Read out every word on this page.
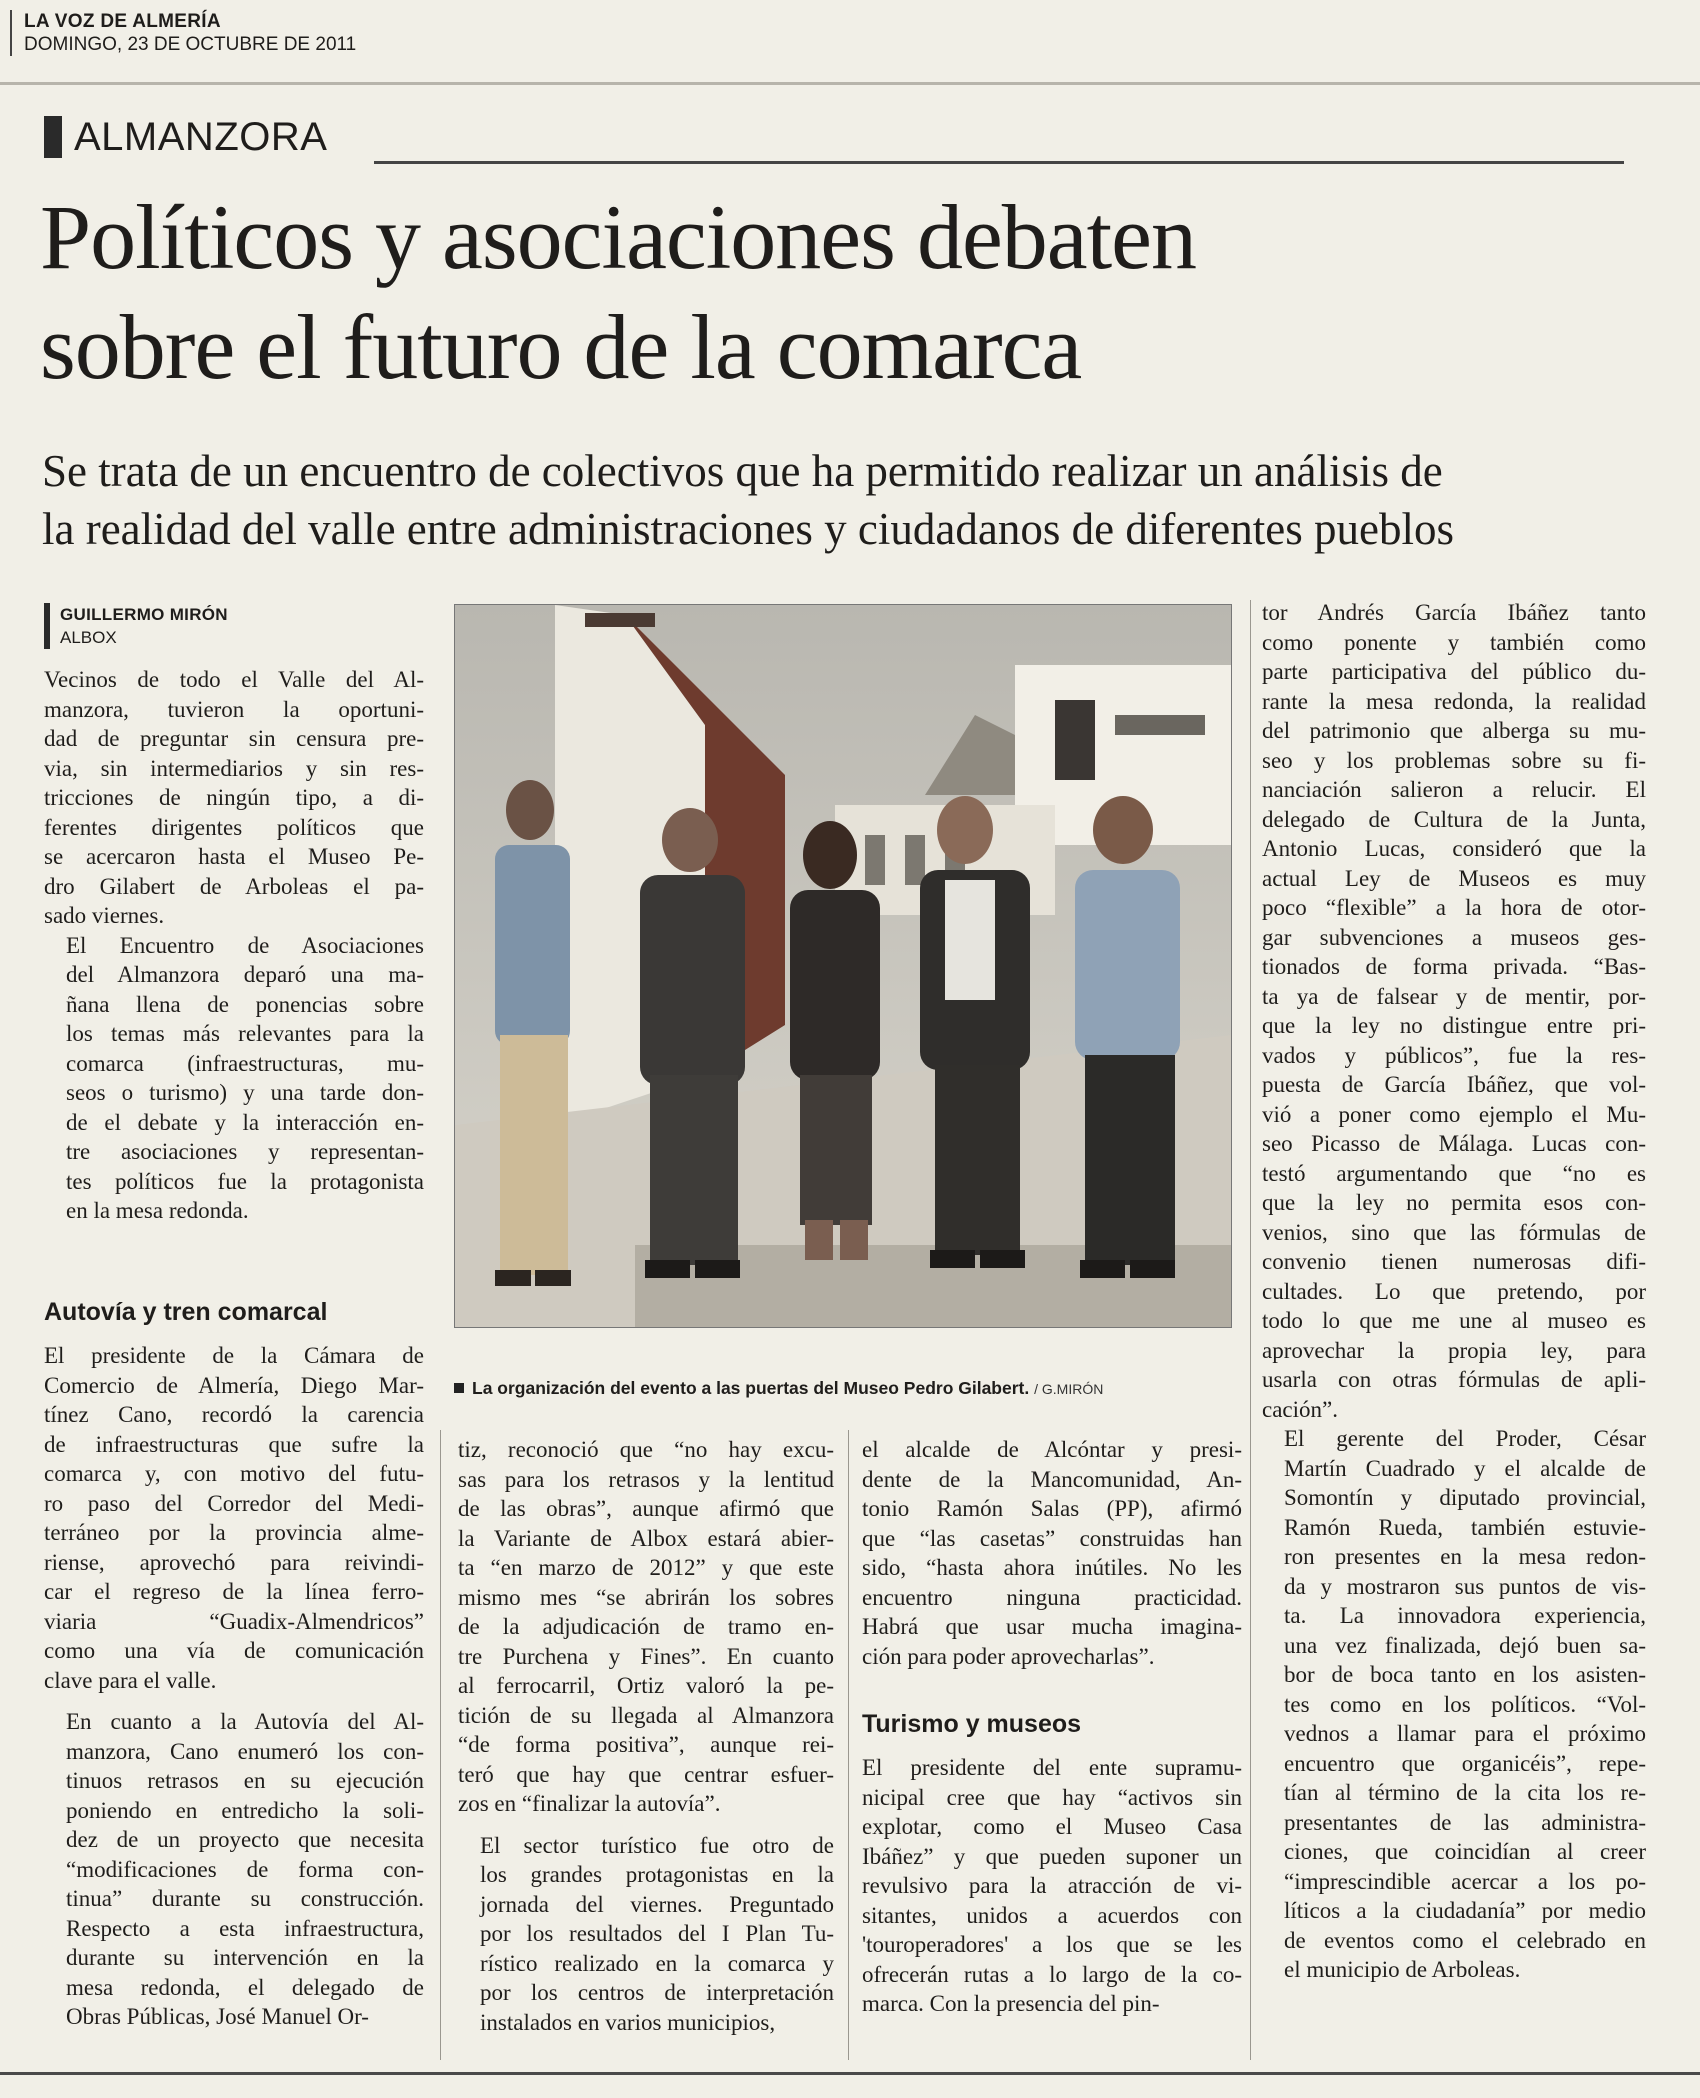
LA VOZ DE ALMERÍA
DOMINGO, 23 DE OCTUBRE DE 2011
ALMANZORA
Políticos y asociaciones debaten
sobre el futuro de la comarca
Se trata de un encuentro de colectivos que ha permitido realizar un análisis de
la realidad del valle entre administraciones y ciudadanos de diferentes pueblos
GUILLERMO MIRÓN
ALBOX

Vecinos de todo el Valle del Al-
manzora, tuvieron la oportuni-
dad de preguntar sin censura pre-
via, sin intermediarios y sin res-
tricciones de ningún tipo, a di-
ferentes dirigentes políticos que
se acercaron hasta el Museo Pe-
dro Gilabert de Arboleas el pa-
sado viernes.

El Encuentro de Asociaciones
del Almanzora deparó una ma-
ñana llena de ponencias sobre
los temas más relevantes para la
comarca (infraestructuras, mu-
seos o turismo) y una tarde don-
de el debate y la interacción en-
tre asociaciones y representan-
tes políticos fue la protagonista
en la mesa redonda.

Autovía y tren comarcal

El presidente de la Cámara de
Comercio de Almería, Diego Mar-
tínez Cano, recordó la carencia
de infraestructuras que sufre la
comarca y, con motivo del futu-
ro paso del Corredor del Medi-
terráneo por la provincia alme-
riense, aprovechó para reivindi-
car el regreso de la línea ferro-
viaria “Guadix-Almendricos”
como una vía de comunicación
clave para el valle.

En cuanto a la Autovía del Al-
manzora, Cano enumeró los con-
tinuos retrasos en su ejecución
poniendo en entredicho la soli-
dez de un proyecto que necesita
“modificaciones de forma con-
tinua” durante su construcción.
Respecto a esta infraestructura,
durante su intervención en la
mesa redonda, el delegado de
Obras Públicas, José Manuel Or-

La organización del evento a las puertas del Museo Pedro Gilabert. / G.MIRÓN

tiz, reconoció que “no hay excu-
sas para los retrasos y la lentitud
de las obras”, aunque afirmó que
la Variante de Albox estará abier-
ta “en marzo de 2012” y que este
mismo mes “se abrirán los sobres
de la adjudicación de tramo en-
tre Purchena y Fines”. En cuanto
al ferrocarril, Ortiz valoró la pe-
tición de su llegada al Almanzora
“de forma positiva”, aunque rei-
teró que hay que centrar esfuer-
zos en “finalizar la autovía”.

El sector turístico fue otro de
los grandes protagonistas en la
jornada del viernes. Preguntado
por los resultados del I Plan Tu-
rístico realizado en la comarca y
por los centros de interpretación
instalados en varios municipios,

el alcalde de Alcóntar y presi-
dente de la Mancomunidad, An-
tonio Ramón Salas (PP), afirmó
que “las casetas” construidas han
sido, “hasta ahora inútiles. No les
encuentro ninguna practicidad.
Habrá que usar mucha imagina-
ción para poder aprovecharlas”.

Turismo y museos

El presidente del ente supramu-
nicipal cree que hay “activos sin
explotar, como el Museo Casa
Ibáñez” y que pueden suponer un
revulsivo para la atracción de vi-
sitantes, unidos a acuerdos con
'touroperadores' a los que se les
ofrecerán rutas a lo largo de la co-
marca. Con la presencia del pin-

tor Andrés García Ibáñez tanto
como ponente y también como
parte participativa del público du-
rante la mesa redonda, la realidad
del patrimonio que alberga su mu-
seo y los problemas sobre su fi-
nanciación salieron a relucir. El
delegado de Cultura de la Junta,
Antonio Lucas, consideró que la
actual Ley de Museos es muy
poco “flexible” a la hora de otor-
gar subvenciones a museos ges-
tionados de forma privada. “Bas-
ta ya de falsear y de mentir, por-
que la ley no distingue entre pri-
vados y públicos”, fue la res-
puesta de García Ibáñez, que vol-
vió a poner como ejemplo el Mu-
seo Picasso de Málaga. Lucas con-
testó argumentando que “no es
que la ley no permita esos con-
venios, sino que las fórmulas de
convenio tienen numerosas difi-
cultades. Lo que pretendo, por
todo lo que me une al museo es
aprovechar la propia ley, para
usarla con otras fórmulas de apli-
cación”.

El gerente del Proder, César
Martín Cuadrado y el alcalde de
Somontín y diputado provincial,
Ramón Rueda, también estuvie-
ron presentes en la mesa redon-
da y mostraron sus puntos de vis-
ta. La innovadora experiencia,
una vez finalizada, dejó buen sa-
bor de boca tanto en los asisten-
tes como en los políticos. “Vol-
vednos a llamar para el próximo
encuentro que organicéis”, repe-
tían al término de la cita los re-
presentantes de las administra-
ciones, que coincidían al creer
“imprescindible acercar a los po-
líticos a la ciudadanía” por medio
de eventos como el celebrado en
el municipio de Arboleas.
